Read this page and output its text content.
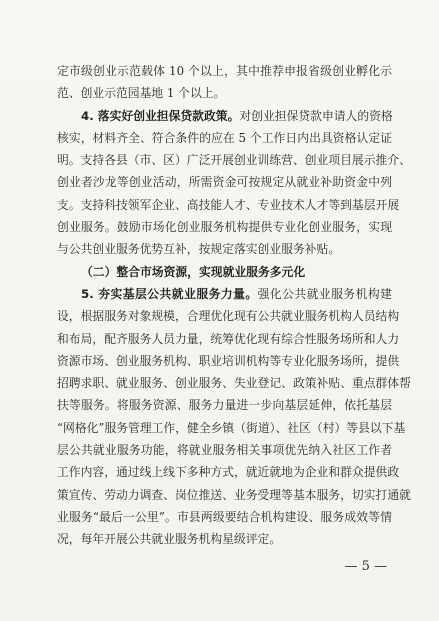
定市级创业示范载体 10 个以上，其中推荐申报省级创业孵化示
范、创业示范园基地 1 个以上。
4. 落实好创业担保贷款政策。对创业担保贷款申请人的资格
核实，材料齐全、符合条件的应在 5 个工作日内出具资格认定证
明。支持各县（市、区）广泛开展创业训练营、创业项目展示推介、
创业者沙龙等创业活动，所需资金可按规定从就业补助资金中列
支。支持科技领军企业、高技能人才、专业技术人才等到基层开展
创业服务。鼓励市场化创业服务机构提供专业化创业服务，实现
与公共创业服务优势互补，按规定落实创业服务补贴。
（二）整合市场资源，实现就业服务多元化
5. 夯实基层公共就业服务力量。强化公共就业服务机构建
设，根据服务对象规模，合理优化现有公共就业服务机构人员结构
和布局，配齐服务人员力量，统筹优化现有综合性服务场所和人力
资源市场、创业服务机构、职业培训机构等专业化服务场所，提供
招聘求职、就业服务、创业服务、失业登记、政策补贴、重点群体帮
扶等服务。将服务资源、服务力量进一步向基层延伸，依托基层
“网格化”服务管理工作，健全乡镇（街道）、社区（村）等县以下基
层公共就业服务功能，将就业服务相关事项优先纳入社区工作者
工作内容，通过线上线下多种方式，就近就地为企业和群众提供政
策宣传、劳动力调查、岗位推送、业务受理等基本服务，切实打通就
业服务“最后一公里”。市县两级要结合机构建设、服务成效等情
况，每年开展公共就业服务机构星级评定。
— 5 —
